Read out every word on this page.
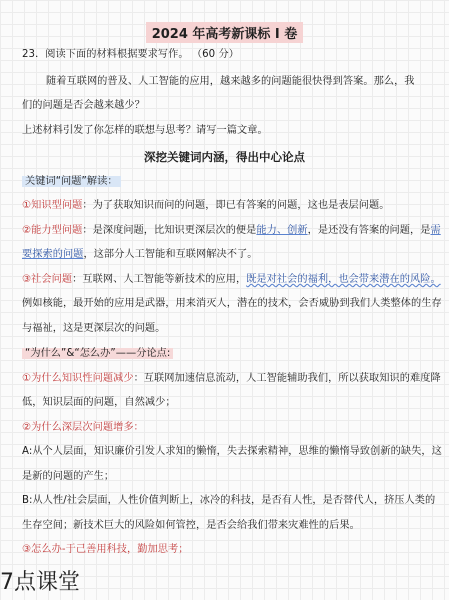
2024 年高考新课标 I 卷
23．阅读下面的材料根据要求写作。 （60 分）
随着互联网的普及、人工智能的应用，越来越多的问题能很快得到答案。那么，我
们的问题是否会越来越少？
上述材料引发了你怎样的联想与思考？请写一篇文章。
深挖关键词内涵，得出中心论点
关键词“问题”解读：
①知识型问题：为了获取知识而问的问题，即已有答案的问题，这也是表层问题。
②能力型问题：是深度问题，比知识更深层次的便是能力、创新，是还没有答案的问题，是需
要探索的问题，这部分人工智能和互联网解决不了。
③社会问题：互联网、人工智能等新技术的应用，既是对社会的福利，也会带来潜在的风险。
例如核能，最开始的应用是武器，用来消灭人，潜在的技术，会否威胁到我们人类整体的生存
与福祉，这是更深层次的问题。
“为什么”&“怎么办”——分论点:
①为什么知识性问题减少：互联网加速信息流动，人工智能辅助我们，所以获取知识的难度降
低，知识层面的问题，自然减少；
②为什么深层次问题增多：
A:从个人层面，知识廉价引发人求知的懒惰，失去探索精神，思维的懒惰导致创新的缺失，这
是新的问题的产生；
B:从人性/社会层面，人性价值判断上，冰冷的科技，是否有人性，是否替代人，挤压人类的
生存空间；新技术巨大的风险如何管控，是否会给我们带来灾难性的后果。
③怎么办-于己善用科技，勤加思考；
7点课堂
